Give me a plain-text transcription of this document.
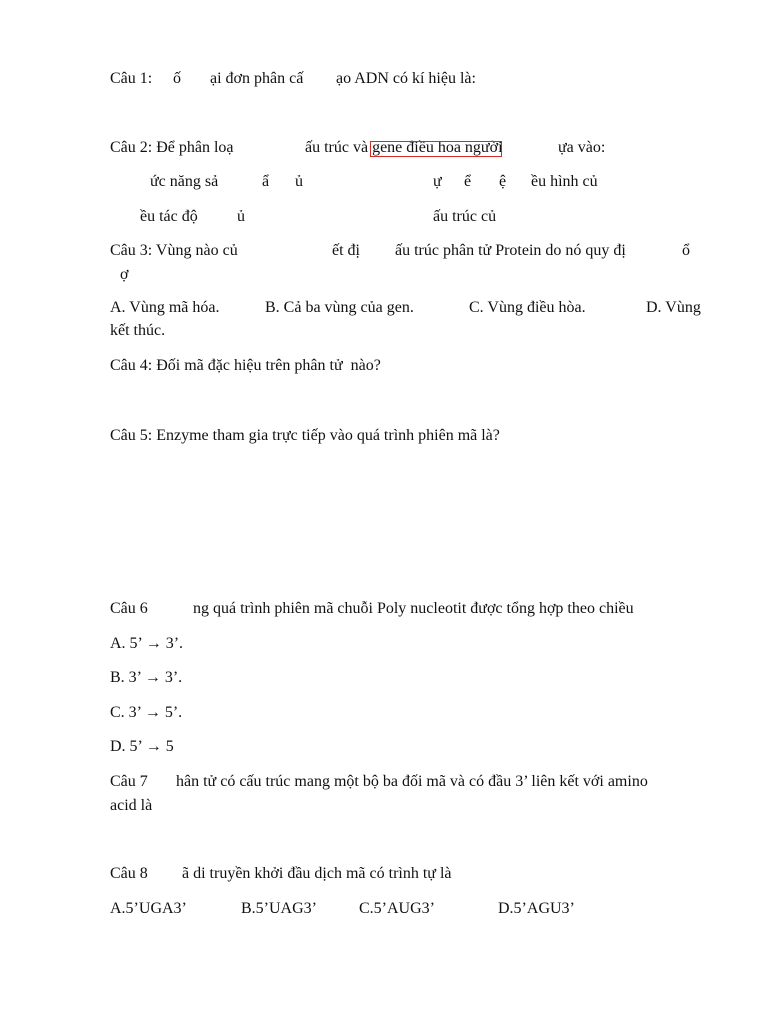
Câu 1: ố ại đơn phân cấ ạo ADN có kí hiệu là:
Câu 2: Để phân loạ	ấu trúc và gene điều hoa người	ựa vào:
ức năng sả	ẩ ủ	ự ể ệ ều hình củ
ều tác độ ủ	ấu trúc củ
Câu 3: Vùng nào củ	ết đị ấu trúc phân tử Protein do nó quy đị	ổ
ợ
A. Vùng mã hóa.	B. Cả ba vùng của gen.	C. Vùng điều hòa.	D. Vùng
kết thúc.
Câu 4: Đối mã đặc hiệu trên phân tử  nào?
Câu 5: Enzyme tham gia trực tiếp vào quá trình phiên mã là?
Câu 6	ng quá trình phiên mã chuỗi Poly nucleotit được tổng hợp theo chiều
A. 5’ → 3’.
B. 3’ → 3’.
C. 3’ → 5’.
D. 5’ → 5
Câu 7 hân tử có cấu trúc mang một bộ ba đối mã và có đầu 3’ liên kết với amino
acid là
Câu 8 ã di truyền khởi đầu dịch mã có trình tự là
A.5’UGA3’	B.5’UAG3’	C.5’AUG3’	D.5’AGU3’
